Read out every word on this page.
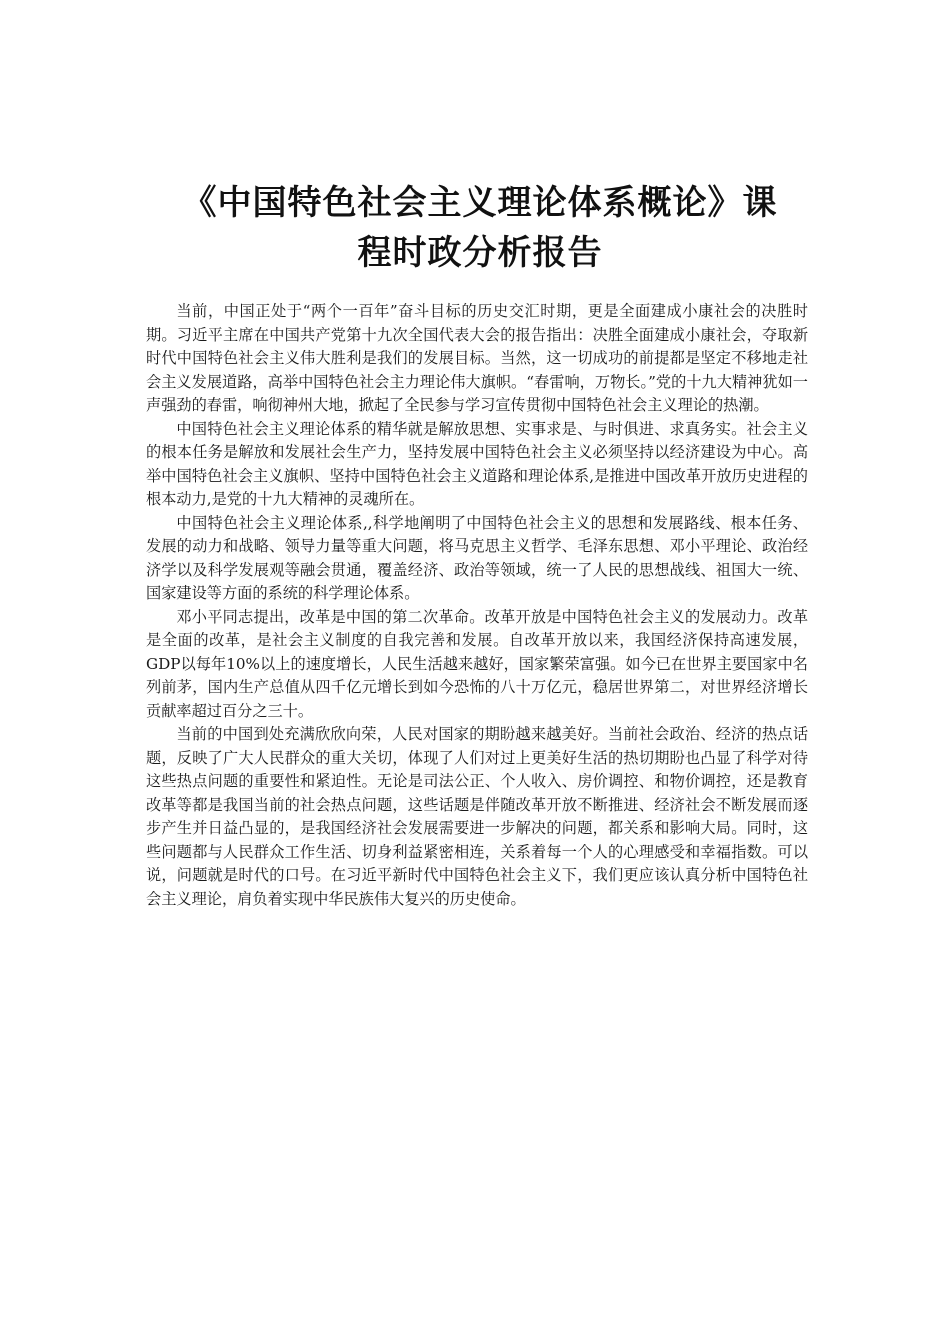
《中国特色社会主义理论体系概论》课
程时政分析报告

当前，中国正处于“两个一百年”奋斗目标的历史交汇时期，更是全面建成小康社会的决胜时期。习近平主席在中国共产党第十九次全国代表大会的报告指出：决胜全面建成小康社会，夺取新时代中国特色社会主义伟大胜利是我们的发展目标。当然，这一切成功的前提都是坚定不移地走社会主义发展道路，高举中国特色社会主力理论伟大旗帜。“春雷响，万物长。”党的十九大精神犹如一声强劲的春雷，响彻神州大地，掀起了全民参与学习宣传贯彻中国特色社会主义理论的热潮。

中国特色社会主义理论体系的精华就是解放思想、实事求是、与时俱进、求真务实。社会主义的根本任务是解放和发展社会生产力，坚持发展中国特色社会主义必须坚持以经济建设为中心。高举中国特色社会主义旗帜、坚持中国特色社会主义道路和理论体系,是推进中国改革开放历史进程的根本动力,是党的十九大精神的灵魂所在。

中国特色社会主义理论体系,,科学地阐明了中国特色社会主义的思想和发展路线、根本任务、发展的动力和战略、领导力量等重大问题，将马克思主义哲学、毛泽东思想、邓小平理论、政治经济学以及科学发展观等融会贯通，覆盖经济、政治等领域，统一了人民的思想战线、祖国大一统、国家建设等方面的系统的科学理论体系。

邓小平同志提出，改革是中国的第二次革命。改革开放是中国特色社会主义的发展动力。改革是全面的改革，是社会主义制度的自我完善和发展。自改革开放以来，我国经济保持高速发展，GDP以每年10%以上的速度增长，人民生活越来越好，国家繁荣富强。如今已在世界主要国家中名列前茅，国内生产总值从四千亿元增长到如今恐怖的八十万亿元，稳居世界第二，对世界经济增长贡献率超过百分之三十。

当前的中国到处充满欣欣向荣，人民对国家的期盼越来越美好。当前社会政治、经济的热点话题，反映了广大人民群众的重大关切，体现了人们对过上更美好生活的热切期盼也凸显了科学对待这些热点问题的重要性和紧迫性。无论是司法公正、个人收入、房价调控、和物价调控，还是教育改革等都是我国当前的社会热点问题，这些话题是伴随改革开放不断推进、经济社会不断发展而逐步产生并日益凸显的，是我国经济社会发展需要进一步解决的问题，都关系和影响大局。同时，这些问题都与人民群众工作生活、切身利益紧密相连，关系着每一个人的心理感受和幸福指数。可以说，问题就是时代的口号。在习近平新时代中国特色社会主义下，我们更应该认真分析中国特色社会主义理论，肩负着实现中华民族伟大复兴的历史使命。
